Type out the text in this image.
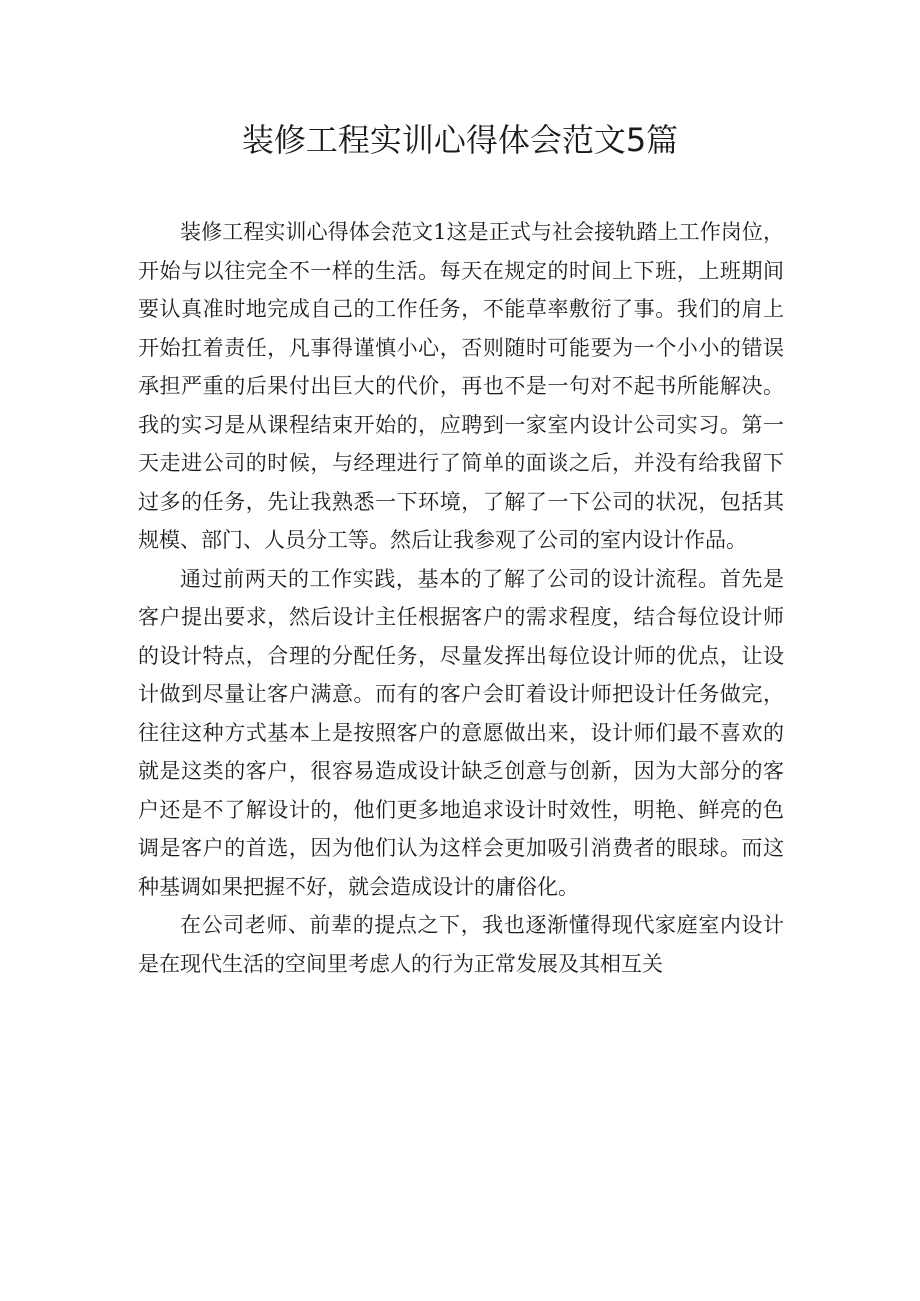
装修工程实训心得体会范文5篇

装修工程实训心得体会范文1这是正式与社会接轨踏上工作岗位，开始与以往完全不一样的生活。每天在规定的时间上下班，上班期间要认真准时地完成自己的工作任务，不能草率敷衍了事。我们的肩上开始扛着责任，凡事得谨慎小心，否则随时可能要为一个小小的错误承担严重的后果付出巨大的代价，再也不是一句对不起书所能解决。我的实习是从课程结束开始的，应聘到一家室内设计公司实习。第一天走进公司的时候，与经理进行了简单的面谈之后，并没有给我留下过多的任务，先让我熟悉一下环境，了解了一下公司的状况，包括其规模、部门、人员分工等。然后让我参观了公司的室内设计作品。

通过前两天的工作实践，基本的了解了公司的设计流程。首先是客户提出要求，然后设计主任根据客户的需求程度，结合每位设计师的设计特点，合理的分配任务，尽量发挥出每位设计师的优点，让设计做到尽量让客户满意。而有的客户会盯着设计师把设计任务做完，往往这种方式基本上是按照客户的意愿做出来，设计师们最不喜欢的就是这类的客户，很容易造成设计缺乏创意与创新，因为大部分的客户还是不了解设计的，他们更多地追求设计时效性，明艳、鲜亮的色调是客户的首选，因为他们认为这样会更加吸引消费者的眼球。而这种基调如果把握不好，就会造成设计的庸俗化。

在公司老师、前辈的提点之下，我也逐渐懂得现代家庭室内设计是在现代生活的空间里考虑人的行为正常发展及其相互关
